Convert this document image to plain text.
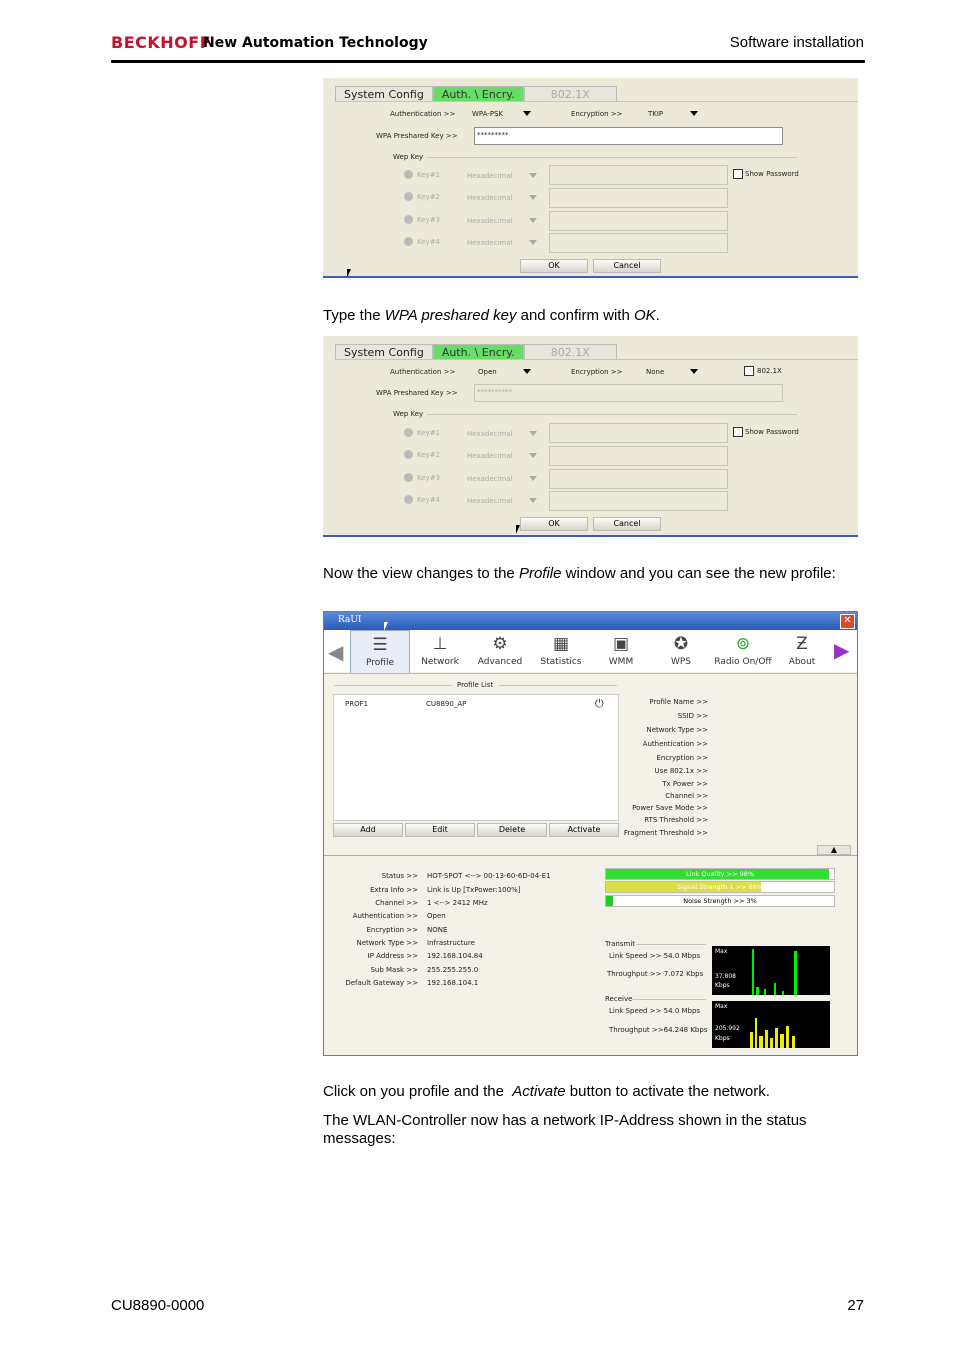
BECKHOFF
New Automation Technology	Software installation
System Config	Auth. \ Encry.	802.1X
Authentication >> WPA-PSK	Encryption >>	TKIP
WPA Preshared Key >>	*********
Wep Key
Key#1	Hexadecimal	Show Password
Key#2	Hexadecimal
Key#3	Hexadecimal
Key#4	Hexadecimal
OK	Cancel
Type the WPA preshared key and confirm with OK.
System Config	Auth. \ Encry.	802.1X
Authentication >>	Open	Encryption >>	None	802.1X
WPA Preshared Key >>	**********
Wep Key
Key#1	Hexadecimal	Show Password
Key#2	Hexadecimal
Key#3	Hexadecimal
Key#4	Hexadecimal
OK	Cancel
Now the view changes to the Profile window and you can see the new profile:
RaUI	✕
◀	☰
Profile
⊥
Network
⚙
Advanced
▦
Statistics
▣
WMM
✪
WPS
⊚
Radio On/Off
Ƶ
About ▶
Profile List
PROF1	CU8890_AP	⏻
Add	Edit	Delete	Activate
Profile Name >>
SSID >>
Network Type >>
Authentication >>
Encryption >>
Use 802.1x >>
Tx Power >>
Channel >>
Power Save Mode >>
RTS Threshold >>
Fragment Threshold >>
▲
Status >> HOT-SPOT <--> 00-13-60-6D-04-E1
Extra Info >> Link is Up [TxPower:100%]
Channel >> 1 <--> 2412 MHz
Authentication >> Open
Encryption >> NONE
Network Type >> Infrastructure
IP Address >> 192.168.104.84
Sub Mask >> 255.255.255.0
Default Gateway >> 192.168.104.1
Link Quality >> 98%
Signal Strength 1 >> 68%
Noise Strength >> 3%
Transmit
Link Speed >> 54.0 Mbps
Throughput >> 7.072 Kbps
Max
37.808
Kbps
Receive
Link Speed >> 54.0 Mbps
Throughput >>64.248 Kbps
Max
205.992
Kbps
Click on you profile and the  Activate button to activate the network.
The WLAN-Controller now has a network IP-Address shown in the status messages:
CU8890-0000	27
